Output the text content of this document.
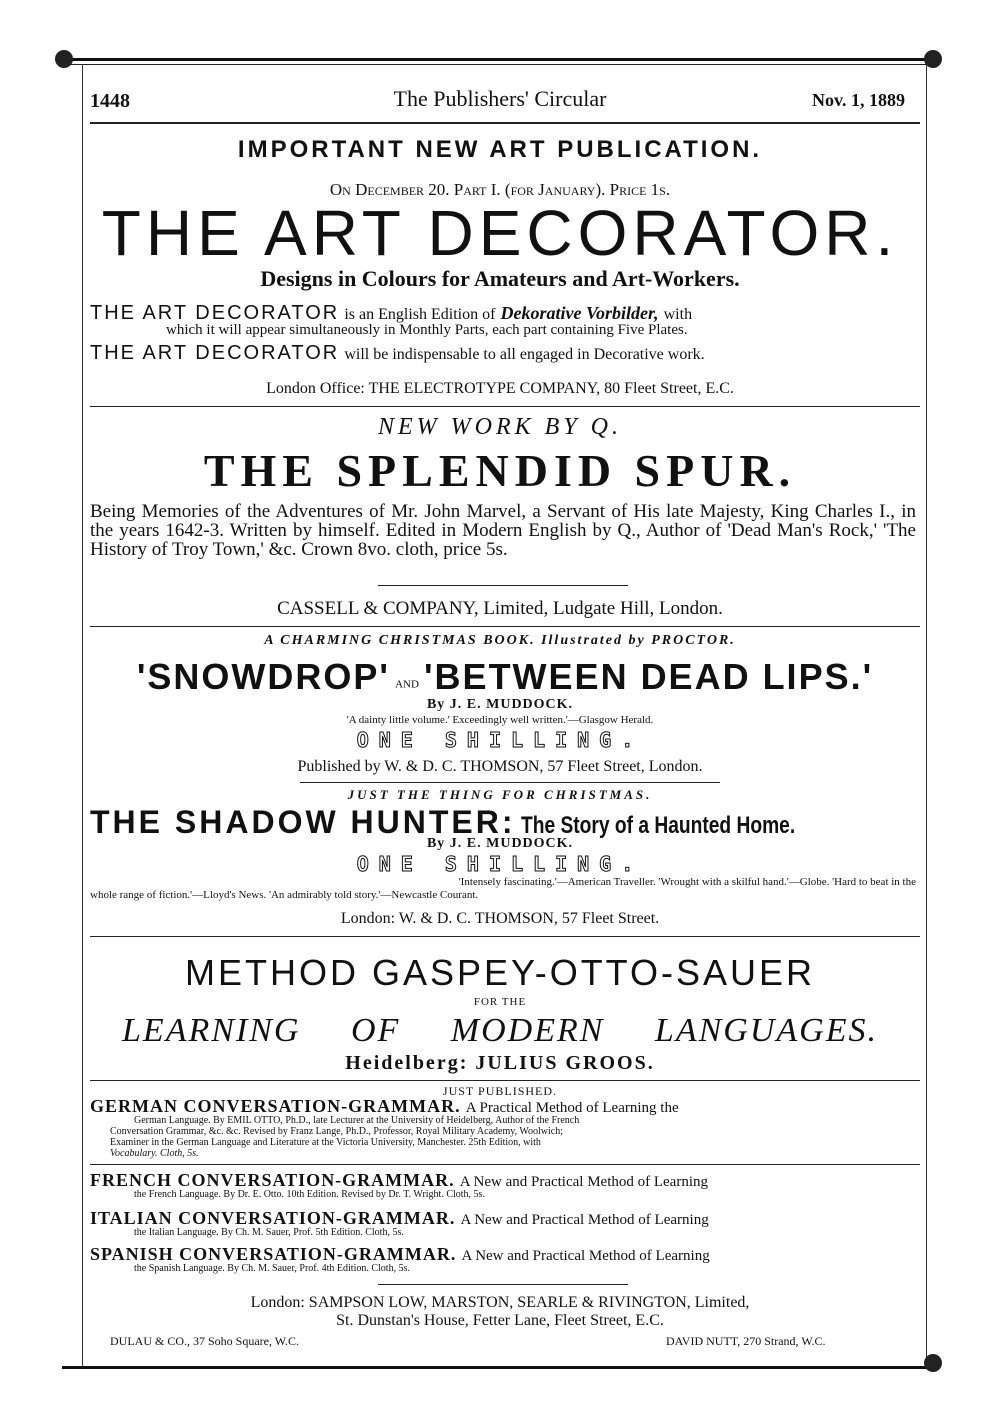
1448	The Publishers' Circular	Nov. 1, 1889
IMPORTANT NEW ART PUBLICATION.
On December 20. Part I. (for January). Price 1s.
THE ART DECORATOR.
Designs in Colours for Amateurs and Art-Workers.
THE ART DECORATOR is an English Edition of Dekorative Vorbilder, with
which it will appear simultaneously in Monthly Parts, each part containing Five Plates.
THE ART DECORATOR will be indispensable to all engaged in Decorative work.
London Office: THE ELECTROTYPE COMPANY, 80 Fleet Street, E.C.
NEW WORK BY Q.
THE SPLENDID SPUR.
Being Memories of the Adventures of Mr. John Marvel, a Servant of His late Majesty, King Charles I., in the years 1642-3. Written by himself. Edited in Modern English by Q., Author of 'Dead Man's Rock,' 'The History of Troy Town,' &c. Crown 8vo. cloth, price 5s.
CASSELL & COMPANY, Limited, Ludgate Hill, London.
A CHARMING CHRISTMAS BOOK. Illustrated by PROCTOR.
'SNOWDROP' AND 'BETWEEN DEAD LIPS.'
By J. E. MUDDOCK.
'A dainty little volume.' Exceedingly well written.'—Glasgow Herald.
ONE SHILLING.
Published by W. & D. C. THOMSON, 57 Fleet Street, London.
JUST THE THING FOR CHRISTMAS.
THE SHADOW HUNTER: The Story of a Haunted Home.
By J. E. MUDDOCK.
ONE SHILLING.
'Intensely fascinating.'—American Traveller. 'Wrought with a skilful hand.'—Globe. 'Hard to beat in the
whole range of fiction.'—Lloyd's News. 'An admirably told story.'—Newcastle Courant.
London: W. & D. C. THOMSON, 57 Fleet Street.
METHOD GASPEY-OTTO-SAUER
FOR THE
LEARNING OF MODERN LANGUAGES.
Heidelberg: JULIUS GROOS.
JUST PUBLISHED.
GERMAN CONVERSATION-GRAMMAR. A Practical Method of Learning the
German Language. By EMIL OTTO, Ph.D., late Lecturer at the University of Heidelberg, Author of the French
Conversation Grammar, &c. &c. Revised by Franz Lange, Ph.D., Professor, Royal Military Academy, Woolwich;
Examiner in the German Language and Literature at the Victoria University, Manchester. 25th Edition, with
Vocabulary. Cloth, 5s.
FRENCH CONVERSATION-GRAMMAR. A New and Practical Method of Learning
the French Language. By Dr. E. Otto. 10th Edition. Revised by Dr. T. Wright. Cloth, 5s.
ITALIAN CONVERSATION-GRAMMAR. A New and Practical Method of Learning
the Italian Language. By Ch. M. Sauer, Prof. 5th Edition. Cloth, 5s.
SPANISH CONVERSATION-GRAMMAR. A New and Practical Method of Learning
the Spanish Language. By Ch. M. Sauer, Prof. 4th Edition. Cloth, 5s.
London: SAMPSON LOW, MARSTON, SEARLE & RIVINGTON, Limited,
St. Dunstan's House, Fetter Lane, Fleet Street, E.C.
DULAU & CO., 37 Soho Square, W.C.	DAVID NUTT, 270 Strand, W.C.
